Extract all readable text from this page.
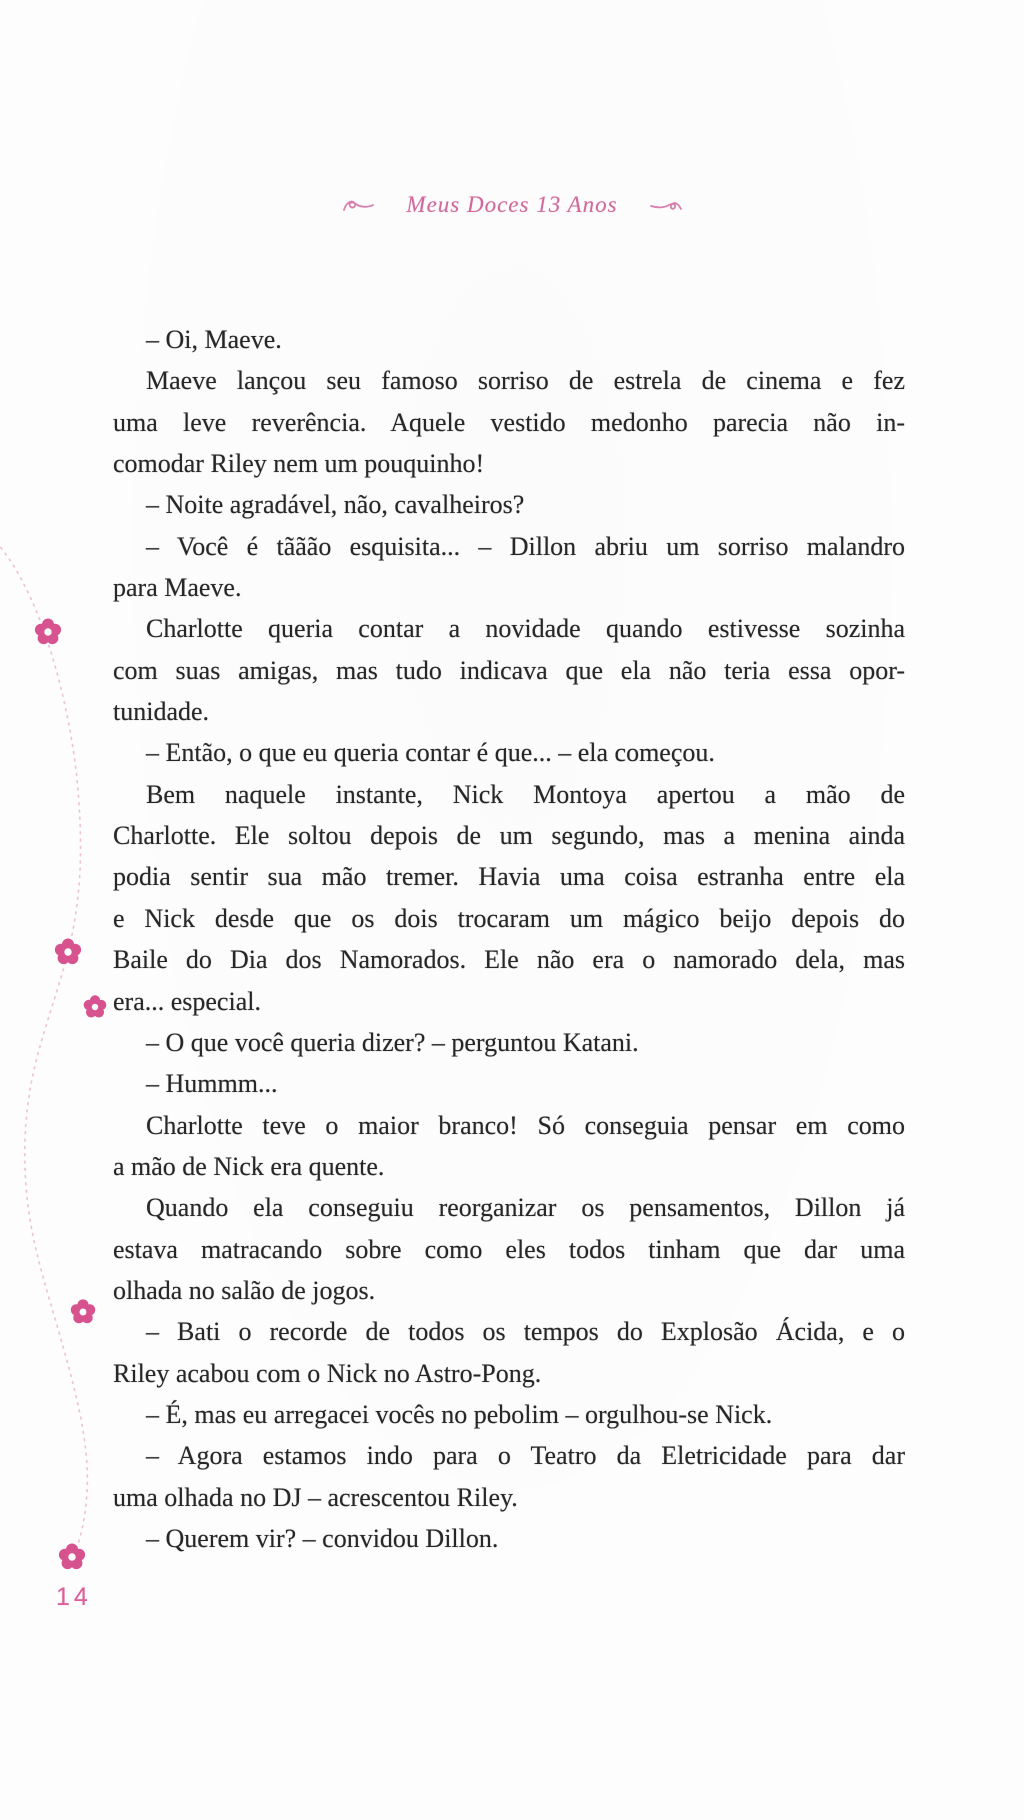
Meus Doces 13 Anos
– Oi, Maeve.
Maeve lançou seu famoso sorriso de estrela de cinema e fez
uma leve reverência. Aquele vestido medonho parecia não in-
comodar Riley nem um pouquinho!
– Noite agradável, não, cavalheiros?
– Você é tããão esquisita... – Dillon abriu um sorriso malandro
para Maeve.
Charlotte queria contar a novidade quando estivesse sozinha
com suas amigas, mas tudo indicava que ela não teria essa opor-
tunidade.
– Então, o que eu queria contar é que... – ela começou.
Bem naquele instante, Nick Montoya apertou a mão de
Charlotte. Ele soltou depois de um segundo, mas a menina ainda
podia sentir sua mão tremer. Havia uma coisa estranha entre ela
e Nick desde que os dois trocaram um mágico beijo depois do
Baile do Dia dos Namorados. Ele não era o namorado dela, mas
era... especial.
– O que você queria dizer? – perguntou Katani.
– Hummm...
Charlotte teve o maior branco! Só conseguia pensar em como
a mão de Nick era quente.
Quando ela conseguiu reorganizar os pensamentos, Dillon já
estava matracando sobre como eles todos tinham que dar uma
olhada no salão de jogos.
– Bati o recorde de todos os tempos do Explosão Ácida, e o
Riley acabou com o Nick no Astro-Pong.
– É, mas eu arregacei vocês no pebolim – orgulhou-se Nick.
– Agora estamos indo para o Teatro da Eletricidade para dar
uma olhada no DJ – acrescentou Riley.
– Querem vir? – convidou Dillon.
14
